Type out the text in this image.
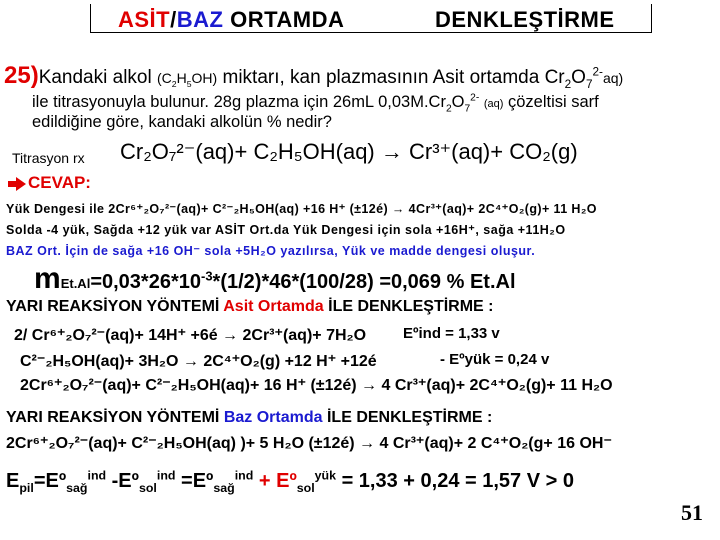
ASİT/BAZ ORTAMDA	DENKLEŞTİRME
25)Kandaki alkol $(C_2H_5OH)$ miktarı, kan plazmasının Asit ortamda $Cr_2O_7^{2-}aq$)
ile titrasyonuyla bulunur. 28g plazma için 26mL $0,03M.Cr_2O_7^{2-}$ (aq) çözeltisi sarf
edildiğine göre, kandaki alkolün % nedir?
Titrasyon rx Cr₂O₇²⁻(aq)+ C₂H₅OH(aq) → Cr³⁺(aq)+ CO₂(g)
CEVAP:
Yük Dengesi ile 2Cr⁶⁺₂O₇²⁻(aq)+ C²⁻₂H₅OH(aq) +16 H⁺ (±12é) → 4Cr³⁺(aq)+ 2C⁴⁺O₂(g)+ 11 H₂O
Solda -4 yük, Sağda +12 yük var ASİT Ort.da Yük Dengesi için sola +16H⁺, sağa +11H₂O
BAZ Ort. İçin de sağa +16 OH⁻ sola +5H₂O yazılırsa, Yük ve madde dengesi oluşur.
$mEt.Al=0,03*26*10^{-3}*(1/2)*46*(100/28) =0,069$ % Et.Al
YARI REAKSİYON YÖNTEMİ Asit Ortamda İLE DENKLEŞTİRME :
2/ Cr⁶⁺₂O₇²⁻(aq)+ 14H⁺ +6é → 2Cr³⁺(aq)+ 7H₂O Eºind = 1,33 v
C²⁻₂H₅OH(aq)+ 3H₂O → 2C⁴⁺O₂(g) +12 H⁺ +12é	- Eºyük = 0,24 v
2Cr⁶⁺₂O₇²⁻(aq)+ C²⁻₂H₅OH(aq)+ 16 H⁺ (±12é) → 4 Cr³⁺(aq)+ 2C⁴⁺O₂(g)+ 11 H₂O
YARI REAKSİYON YÖNTEMİ Baz Ortamda İLE DENKLEŞTİRME :
2Cr⁶⁺₂O₇²⁻(aq)+ C²⁻₂H₅OH(aq) )+ 5 H₂O (±12é) → 4 Cr³⁺(aq)+ 2 C⁴⁺O₂(g+ 16 OH⁻
$E_{pil}=Eº_{sağ}^{ind}$ -Eº$_{sol}^{ind}$ =Eº$_{sağ}^{ind}$ + Eº$_{sol}^{yük}$ = 1,33 + 0,24 = 1,57 V > 0
51
